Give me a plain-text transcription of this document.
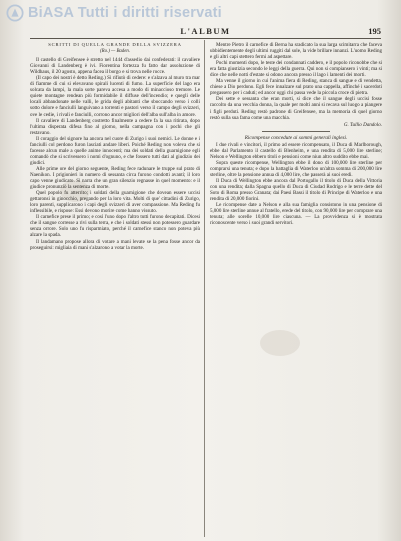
BiASA Tutti i diritti riservati
L'ALBUM	195
SCRITTI DI QUELLA GRANDE DELLA SVIZZERA
(Ro.) — Baden.

Il castello di Greifensee è stretto nel 1444 d'assedio dai confederati: il cavaliere Giovanni di Landenberg è ivi. Fiorentina fortezza fu fatto dar assoluzione di Wildhaus, il 20 agosto, appena facea il borgo e si trova nelle rocce.

(Il capo dei nostri è detto Reding.) Si rifiutò di cedere: e s'alzava al muro tra mar di fiamme di cui si elevavano spirali lucenti di fumo. La superficie del lago era solcata da lampi, la mala sorte pareva accesa a modo di minaccioso tremore. Le quiete montagne rendean più formidabile il diffuse dell'incendio; e quegli delle locali abbandonate nelle valli, le grida degli abitanti che sboccando verso i colli sotto dolore e fanciulli languivano a torrenti e pastori verso il campo degli svizzeri, ove le cedie, i rivali e fanciulli, corrono ancor migliori dell'alba sull'alba in amore.

Il cavaliere di Landenberg costretto finalmente a cedere fa la sua ritirata, dopo l'ultima disperata difesa fino al giorno, nella campagna con i pochi che gli restavano.

Il coraggio del signore ha ancora nel cuore di Zurigo i suoi nemici. Le donne e i fanciulli col perdono furon lasciati andare liberi. Poiché Reding non voleva che si facesse alcun male a quelle anime innocenti; ma dei soldati della guarnigione egli comandò che si scrivessero i nomi d'ognuno, e che fossero tutti dati al giudizio dei giudici.

Alle prime ore del giorno seguente, Reding fece radunare le truppe sul prato di Naenikon. I prigionieri in numero di sessanta circa furono condotti avanti; il loro capo venne giudicato. Si narra che un gran silenzio regnasse in quel momento: e il giudice pronunziò la sentenza di morte.

Quel popolo fu atterrito; i soldati della guarnigione che dovean essere uccisi gettaronsi in ginocchio, pregando per la loro vita. Molti di que' cittadini di Zurigo, loro parenti, supplicarono i capi degli svizzeri di aver compassione. Ma Reding fu inflessibile, e rispose: Essi devono morire come hanno vissuto.

Il carnefice prese il primo; e così l'uno dopo l'altro tutti furono decapitati. Dicesi che il sangue corresse a rivi sulla terra, e che i soldati stessi non potessero guardare senza orrore. Solo uno fu risparmiato, perché il carnefice stanco non poteva più alzare la spada.

Il landamano propose allora di votare a mani levate se la pena fosse ancor da proseguirsi: migliaia di mani s'alzarono a votar la morte.

Mentre Pietro il carnefice di Berna ha sradicato la sua larga scimitarra che faceva ubbidientemente degli ultimi ruggiti dal sole, la vide brillare innanzi. L'uomo Reding e gli altri capi stettero fermi ad aspettare.

Pochi momenti dopo, le teste dei condannati caddero, e il popolo riconobbe che si era fatta giustizia secondo le leggi della guerra. Qui non si compiansero i vinti; ma si dice che nelle notti d'estate si odono ancora presso il lago i lamenti dei morti.

Ma venne il giorno in cui l'anima fiera di Reding, stanca di sangue e di vendetta, chiese a Dio perdono. Egli fece innalzare sul prato una cappella, affinché i sacerdoti pregassero per i caduti; ed ancor oggi chi passa vede la piccola croce di pietra.

Dei sette e sessanta che eran morti, si dice che il sangue degli uccisi fosse raccolto da una vecchia donna, la quale per molti anni si recava sul luogo a piangere i figli perduti. Reding restò padrone di Greifensee, ma la memoria di quel giorno restò sulla sua fama come una macchia.

G. Tullio Dandolo.
Ricompense concedute ai sommi generali inglesi.

I due rivali e vincitori, il primo ad essere ricompensato, il Duca di Marlborough, ebbe dal Parlamento il castello di Blenheim, e una rendita di 5,000 lire sterline; Nelson e Wellington ebbero titoli e pensioni come niun altro suddito ebbe mai.

Sopra queste ricompense, Wellington ebbe il dono di 100,000 lire sterline per comprarsi una tenuta; e dopo la battaglia di Waterloo un'altra somma di 200,000 lire sterline, oltre la pensione annua di 4,000 lire, che passerà ai suoi eredi.

Il Duca di Wellington ebbe ancora dal Portogallo il titolo di Duca della Vittoria con una rendita; dalla Spagna quello di Duca di Ciudad Rodrigo e le terre dette del Soto di Roma presso Granata; dai Paesi Bassi il titolo di Principe di Waterloo e una rendita di 20,000 fiorini.

Le ricompense date a Nelson e alla sua famiglia consistono in una pensione di 5,000 lire sterline annue al fratello, erede del titolo, con 90,000 lire per comprare una tenuta; alle sorelle 10,000 lire ciascuna. — La provvidenza si è mostrata riconoscente verso i suoi grandi servitori.
